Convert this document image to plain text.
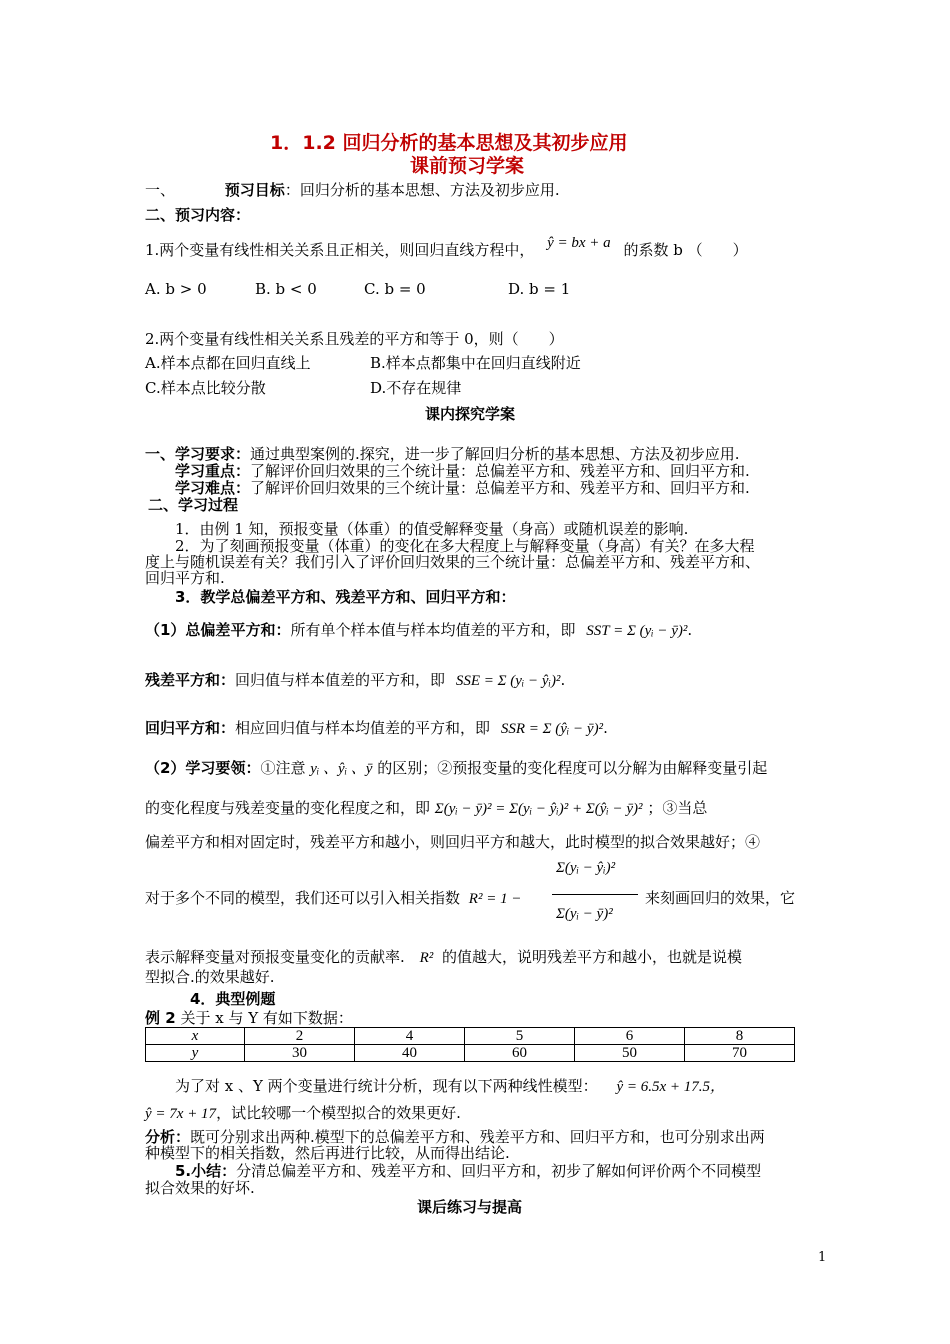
1．1.2 回归分析的基本思想及其初步应用
课前预习学案
一、	预习目标：回归分析的基本思想、方法及初步应用.
二、预习内容：
1.两个变量有线性相关关系且正相关，则回归直线方程中， ŷ = bx + a 的系数 b （　　）
A. b > 0	B. b < 0	C. b = 0	D. b = 1
2.两个变量有线性相关关系且残差的平方和等于 0，则（　　）
A.样本点都在回归直线上	B.样本点都集中在回归直线附近
C.样本点比较分散	D.不存在规律
课内探究学案
一、学习要求：通过典型案例的.探究，进一步了解回归分析的基本思想、方法及初步应用.
学习重点：了解评价回归效果的三个统计量：总偏差平方和、残差平方和、回归平方和.
学习难点：了解评价回归效果的三个统计量：总偏差平方和、残差平方和、回归平方和.
二、学习过程
1．由例 1 知，预报变量（体重）的值受解释变量（身高）或随机误差的影响.
2．为了刻画预报变量（体重）的变化在多大程度上与解释变量（身高）有关？在多大程
度上与随机误差有关？我们引入了评价回归效果的三个统计量：总偏差平方和、残差平方和、
回归平方和.
3．教学总偏差平方和、残差平方和、回归平方和：
（1）总偏差平方和：所有单个样本值与样本均值差的平方和，即 SST = Σ (yᵢ − ȳ)².
残差平方和：回归值与样本值差的平方和，即 SSE = Σ (yᵢ − ŷᵢ)².
回归平方和：相应回归值与样本均值差的平方和，即 SSR = Σ (ŷᵢ − ȳ)².
（2）学习要领：①注意 yᵢ 、ŷᵢ 、ȳ 的区别；②预报变量的变化程度可以分解为由解释变量引起
的变化程度与残差变量的变化程度之和，即 Σ(yᵢ − ȳ)² = Σ(yᵢ − ŷᵢ)² + Σ(ŷᵢ − ȳ)² ；③当总
偏差平方和相对固定时，残差平方和越小，则回归平方和越大，此时模型的拟合效果越好；④
对于多个不同的模型，我们还可以引入相关指数 R² = 1 −
Σ(yᵢ − ŷᵢ)²
Σ(yᵢ − ȳ)²
来刻画回归的效果，它
表示解释变量对预报变量变化的贡献率. R² 的值越大，说明残差平方和越小，也就是说模
型拟合.的效果越好.
4．典型例题
例 2 关于 x 与 Y 有如下数据：
x	2	4	5	6	8
y	30	40	60	50	70
为了对 x 、Y 两个变量进行统计分析，现有以下两种线性模型： ŷ = 6.5x + 17.5，
ŷ = 7x + 17，试比较哪一个模型拟合的效果更好.
分析：既可分别求出两种.模型下的总偏差平方和、残差平方和、回归平方和，也可分别求出两
种模型下的相关指数，然后再进行比较，从而得出结论.
5.小结：分清总偏差平方和、残差平方和、回归平方和，初步了解如何评价两个不同模型
拟合效果的好坏.
课后练习与提高
1
